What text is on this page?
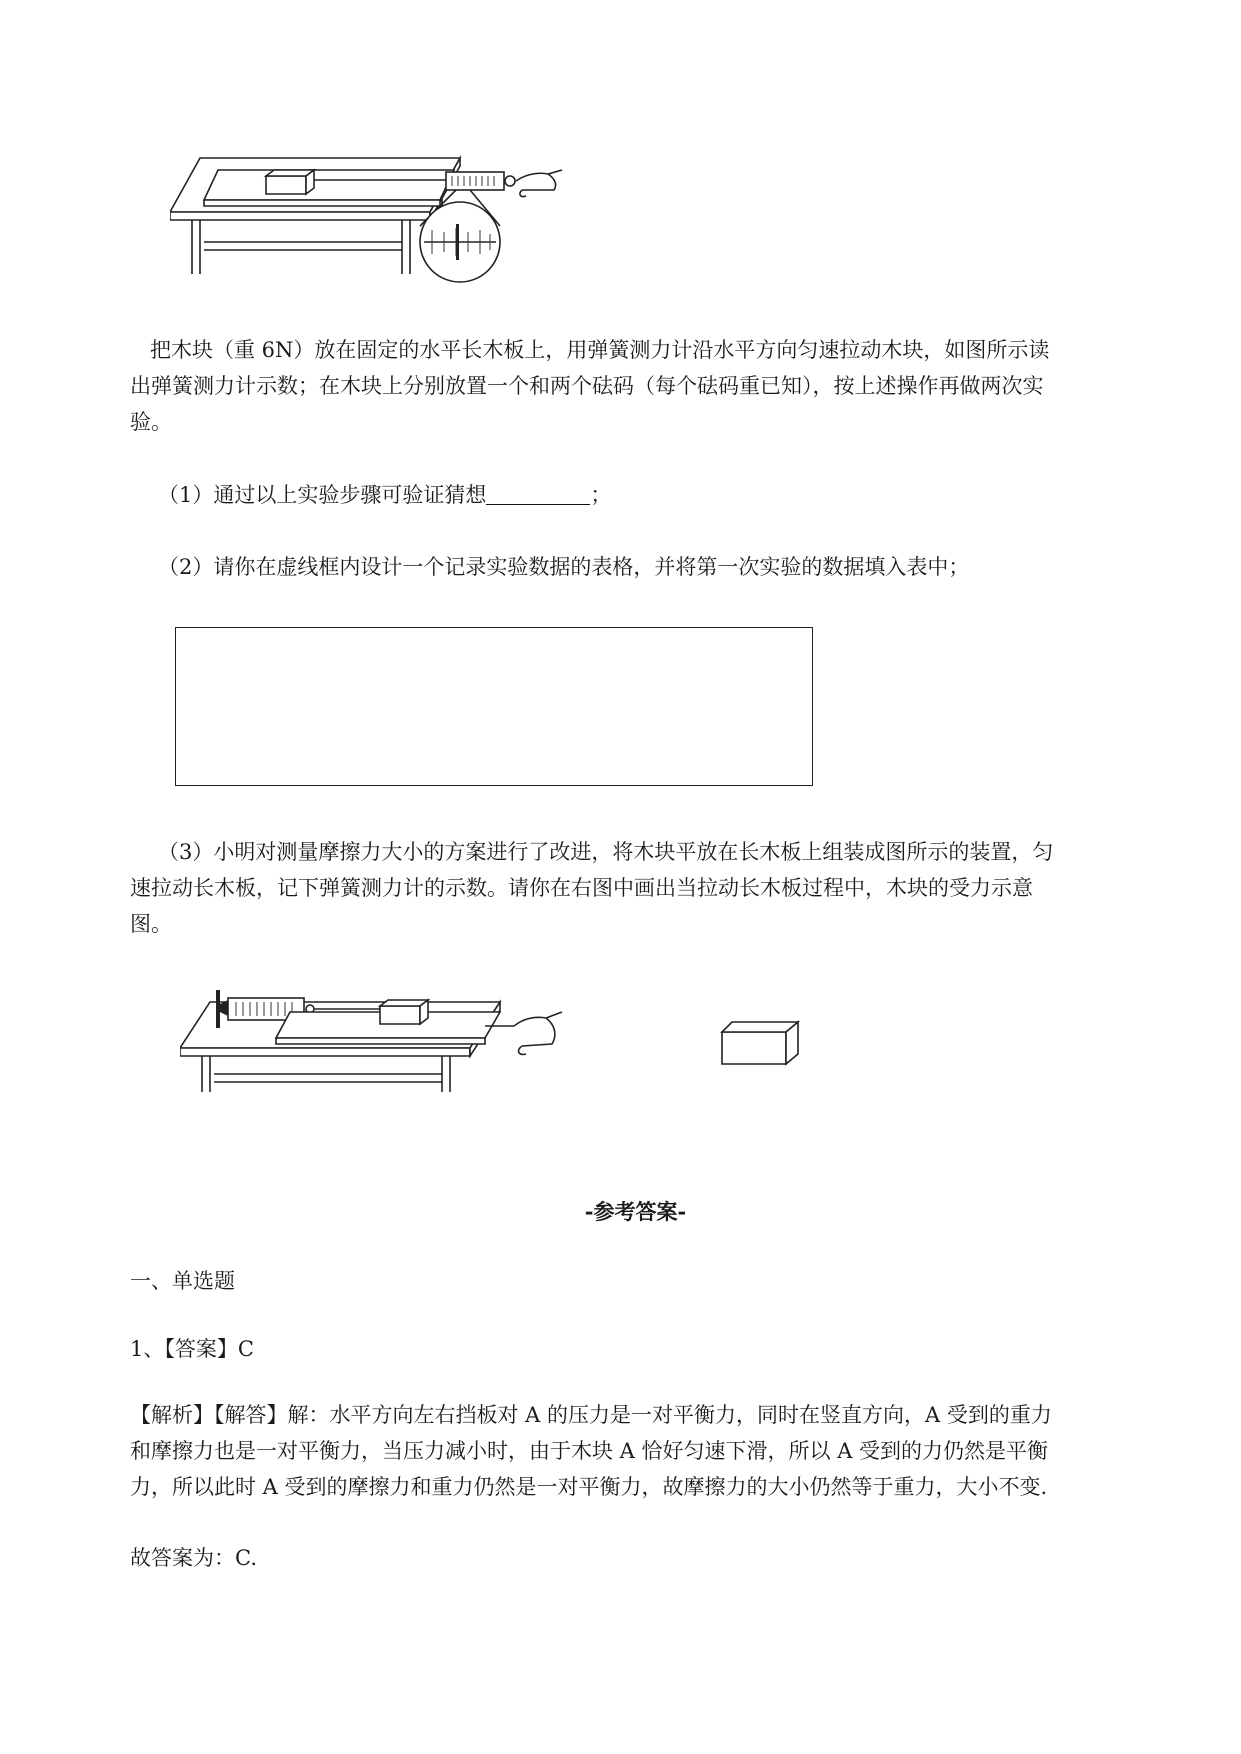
把木块（重 6N）放在固定的水平长木板上，用弹簧测力计沿水平方向匀速拉动木块，如图所示读
出弹簧测力计示数；在木块上分别放置一个和两个砝码（每个砝码重已知），按上述操作再做两次实
验。
（1）通过以上实验步骤可验证猜想	；
（2）请你在虚线框内设计一个记录实验数据的表格，并将第一次实验的数据填入表中；
（3）小明对测量摩擦力大小的方案进行了改进，将木块平放在长木板上组装成图所示的装置，匀
速拉动长木板，记下弹簧测力计的示数。请你在右图中画出当拉动长木板过程中，木块的受力示意
图。
-参考答案-
一、单选题
1、【答案】C
【解析】【解答】解：水平方向左右挡板对 A 的压力是一对平衡力，同时在竖直方向，A 受到的重力
和摩擦力也是一对平衡力，当压力减小时，由于木块 A 恰好匀速下滑，所以 A 受到的力仍然是平衡
力，所以此时 A 受到的摩擦力和重力仍然是一对平衡力，故摩擦力的大小仍然等于重力，大小不变.
故答案为：C.
